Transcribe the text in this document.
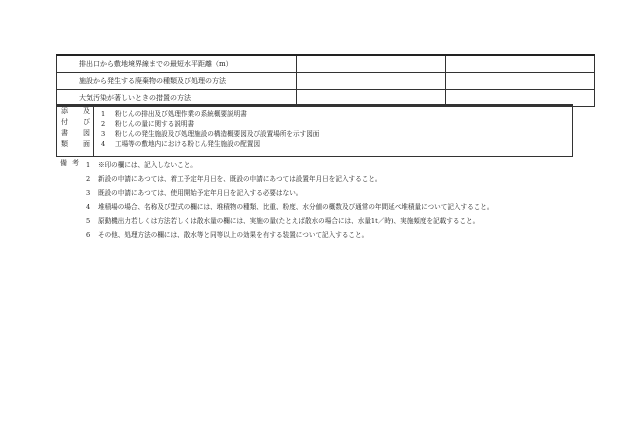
排出口から敷地境界線までの最短水平距離（m）		
施設から発生する廃棄物の種類及び処理の方法		
大気汚染が著しいときの措置の方法		
添 及
付 び
書 図
類 面
1 粉じんの排出及び処理作業の系統概要説明書
2 粉じんの量に関する説明書
3 粉じんの発生施設及び処理施設の構造概要図及び設置場所を示す図面
4 工場等の敷地内における粉じん発生施設の配置図
備考 1	※印の欄には、記入しないこと。
2	新設の申請にあつては、着工予定年月日を、既設の申請にあつては設置年月日を記入すること。
3	既設の申請にあつては、使用開始予定年月日を記入する必要はない。
4	堆積場の場合、名称及び型式の欄には、堆積物の種類、比重、粉度、水分値の概数及び通常の年間延べ堆積量について記入すること。
5	原動機出力若しくは方法若しくは散水量の欄には、実施の量(たとえば散水の場合には、水量1t／時)、実施頻度を記載すること。
6	その他、処理方法の欄には、散水等と同等以上の効果を有する装置について記入すること。
